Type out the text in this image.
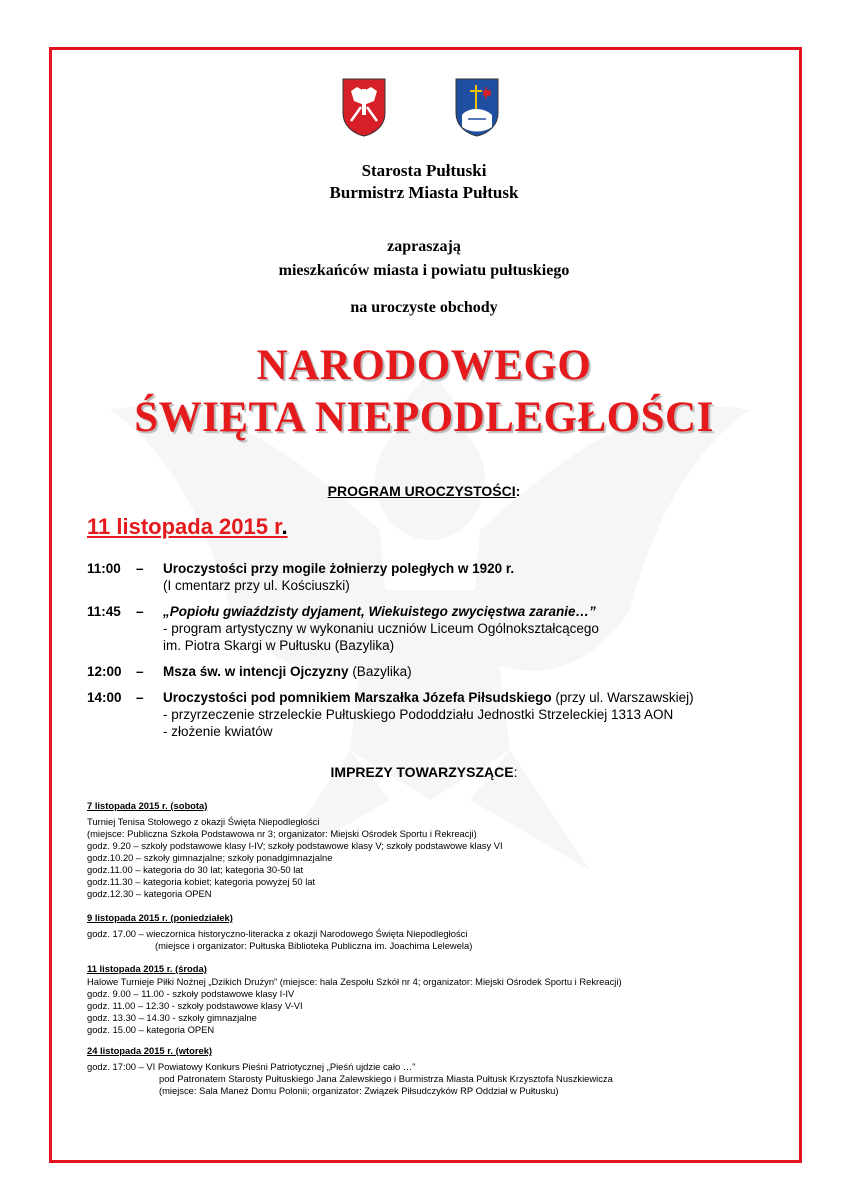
Starosta Pułtuski
Burmistrz Miasta Pułtusk
zapraszają
mieszkańców miasta i powiatu pułtuskiego
na uroczyste obchody
NARODOWEGO
ŚWIĘTA NIEPODLEGŁOŚCI
PROGRAM UROCZYSTOŚCI:
11 listopada 2015 r.
11:00	– Uroczystości przy mogile żołnierzy poległych w 1920 r.
(I cmentarz przy ul. Kościuszki)
11:45	– „Popiołu gwiaździsty dyjament, Wiekuistego zwycięstwa zaranie…”
- program artystyczny w wykonaniu uczniów Liceum Ogólnokształcącego
im. Piotra Skargi w Pułtusku (Bazylika)
12:00	– Msza św. w intencji Ojczyzny (Bazylika)
14:00	– Uroczystości pod pomnikiem Marszałka Józefa Piłsudskiego (przy ul. Warszawskiej)
- przyrzeczenie strzeleckie Pułtuskiego Pododdziału Jednostki Strzeleckiej 1313 AON
- złożenie kwiatów
IMPREZY TOWARZYSZĄCE:
7 listopada 2015 r. (sobota)
Turniej Tenisa Stołowego z okazji Święta Niepodległości
(miejsce: Publiczna Szkoła Podstawowa nr 3; organizator: Miejski Ośrodek Sportu i Rekreacji)
godz. 9.20 – szkoły podstawowe klasy I-IV; szkoły podstawowe klasy V; szkoły podstawowe klasy VI
godz.10.20 – szkoły gimnazjalne; szkoły ponadgimnazjalne
godz.11.00 – kategoria do 30 lat; kategoria 30-50 lat
godz.11.30 – kategoria kobiet; kategoria powyżej 50 lat
godz.12.30 – kategoria OPEN
9 listopada 2015 r. (poniedziałek)
godz. 17.00 – wieczornica historyczno-literacka z okazji Narodowego Święta Niepodległości
(miejsce i organizator: Pułtuska Biblioteka Publiczna im. Joachima Lelewela)
11 listopada 2015 r. (środa)
Halowe Turnieje Piłki Nożnej „Dzikich Drużyn” (miejsce: hala Zespołu Szkół nr 4; organizator: Miejski Ośrodek Sportu i Rekreacji)
godz. 9.00 – 11.00 - szkoły podstawowe klasy I-IV
godz. 11.00 – 12.30 - szkoły podstawowe klasy V-VI
godz. 13.30 – 14.30 - szkoły gimnazjalne
godz. 15.00 – kategoria OPEN
24 listopada 2015 r. (wtorek)
godz. 17:00 – VI Powiatowy Konkurs Pieśni Patriotycznej „Pieśń ujdzie cało …”
pod Patronatem Starosty Pułtuskiego Jana Zalewskiego i Burmistrza Miasta Pułtusk Krzysztofa Nuszkiewicza
(miejsce: Sala Maneż Domu Polonii; organizator: Związek Piłsudczyków RP Oddział w Pułtusku)
